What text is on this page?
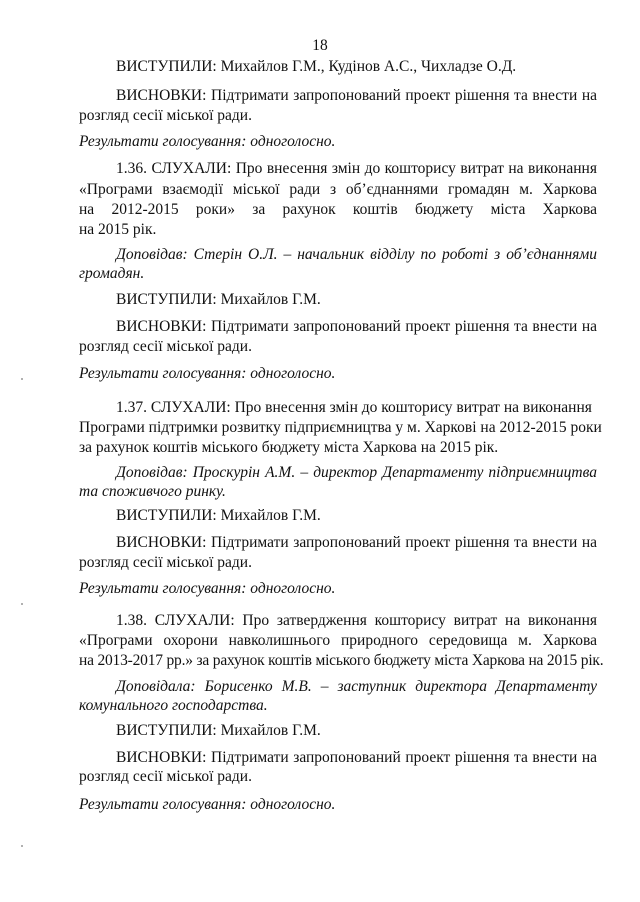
18
ВИСТУПИЛИ: Михайлов Г.М., Кудінов А.С., Чихладзе О.Д.
ВИСНОВКИ: Підтримати запропонований проект рішення та внести на
розгляд сесії міської ради.
Результати голосування: одноголосно.
1.36. СЛУХАЛИ: Про внесення змін до кошторису витрат на виконання
«Програми взаємодії міської ради з об’єднаннями громадян м. Харкова
на 2012-2015 роки» за рахунок коштів бюджету міста Харкова
на 2015 рік.
Доповідав: Стерін О.Л. – начальник відділу по роботі з об’єднаннями
громадян.
ВИСТУПИЛИ: Михайлов Г.М.
ВИСНОВКИ: Підтримати запропонований проект рішення та внести на
розгляд сесії міської ради.
Результати голосування: одноголосно.
1.37. СЛУХАЛИ: Про внесення змін до кошторису витрат на виконання
Програми підтримки розвитку підприємництва у м. Харкові на 2012-2015 роки
за рахунок коштів міського бюджету міста Харкова на 2015 рік.
Доповідав: Проскурін А.М. – директор Департаменту підприємництва
та споживчого ринку.
ВИСТУПИЛИ: Михайлов Г.М.
ВИСНОВКИ: Підтримати запропонований проект рішення та внести на
розгляд сесії міської ради.
Результати голосування: одноголосно.
1.38. СЛУХАЛИ: Про затвердження кошторису витрат на виконання
«Програми охорони навколишнього природного середовища м. Харкова
на 2013-2017 рр.» за рахунок коштів міського бюджету міста Харкова на 2015 рік.
Доповідала: Борисенко М.В. – заступник директора Департаменту
комунального господарства.
ВИСТУПИЛИ: Михайлов Г.М.
ВИСНОВКИ: Підтримати запропонований проект рішення та внести на
розгляд сесії міської ради.
Результати голосування: одноголосно.
